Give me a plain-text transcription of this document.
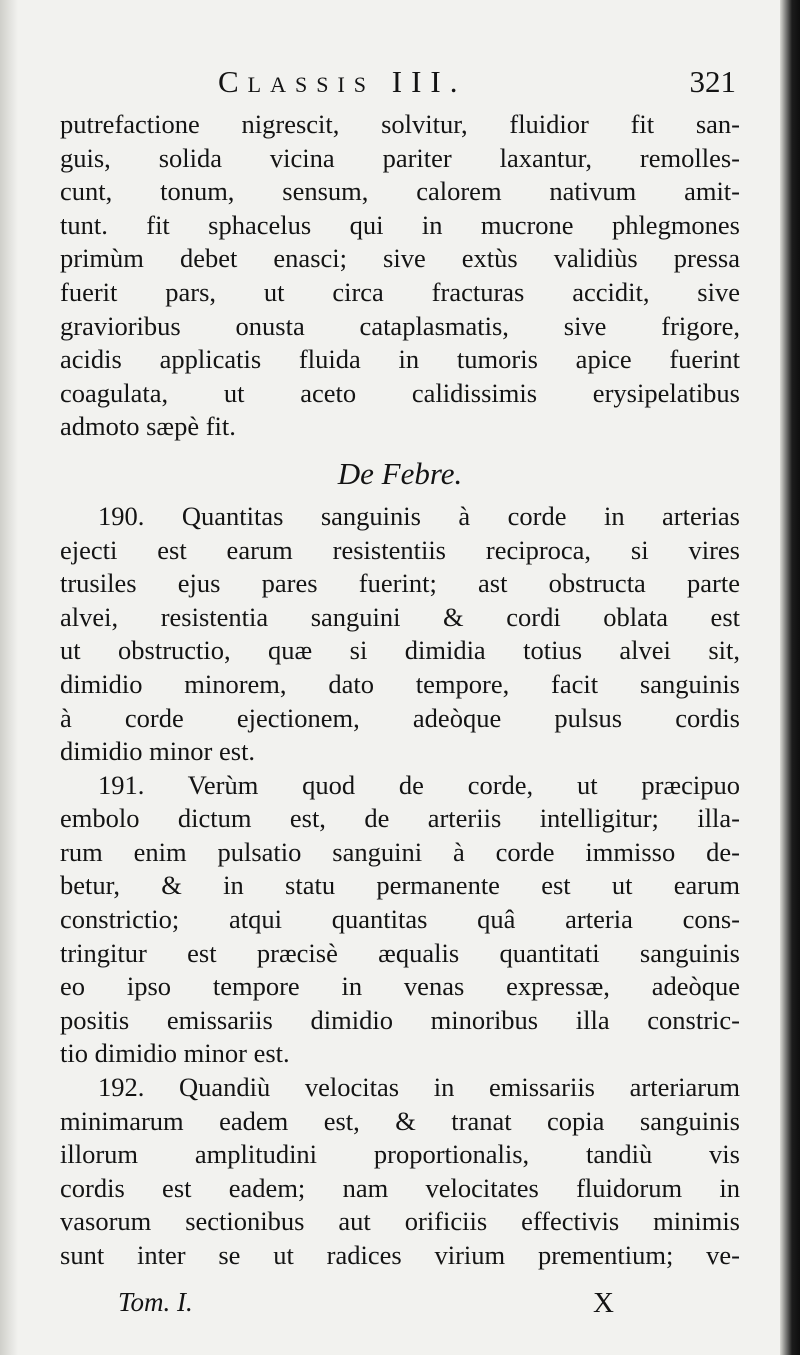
Classis III.	321
putrefactione nigrescit, solvitur, fluidior fit san-
guis, solida vicina pariter laxantur, remolles-
cunt, tonum, sensum, calorem nativum amit-
tunt. fit sphacelus qui in mucrone phlegmones
primùm debet enasci; sive extùs validiùs pressa
fuerit pars, ut circa fracturas accidit, sive
gravioribus onusta cataplasmatis, sive frigore,
acidis applicatis fluida in tumoris apice fuerint
coagulata, ut aceto calidissimis erysipelatibus
admoto sæpè fit.
De Febre.
190. Quantitas sanguinis à corde in arterias
ejecti est earum resistentiis reciproca, si vires
trusiles ejus pares fuerint; ast obstructa parte
alvei, resistentia sanguini & cordi oblata est
ut obstructio, quæ si dimidia totius alvei sit,
dimidio minorem, dato tempore, facit sanguinis
à corde ejectionem, adeòque pulsus cordis
dimidio minor est.
191. Verùm quod de corde, ut præcipuo
embolo dictum est, de arteriis intelligitur; illa-
rum enim pulsatio sanguini à corde immisso de-
betur, & in statu permanente est ut earum
constrictio; atqui quantitas quâ arteria cons-
tringitur est præcisè æqualis quantitati sanguinis
eo ipso tempore in venas expressæ, adeòque
positis emissariis dimidio minoribus illa constric-
tio dimidio minor est.
192. Quandiù velocitas in emissariis arteriarum
minimarum eadem est, & tranat copia sanguinis
illorum amplitudini proportionalis, tandiù vis
cordis est eadem; nam velocitates fluidorum in
vasorum sectionibus aut orificiis effectivis minimis
sunt inter se ut radices virium prementium; ve-
Tom. I.	X
